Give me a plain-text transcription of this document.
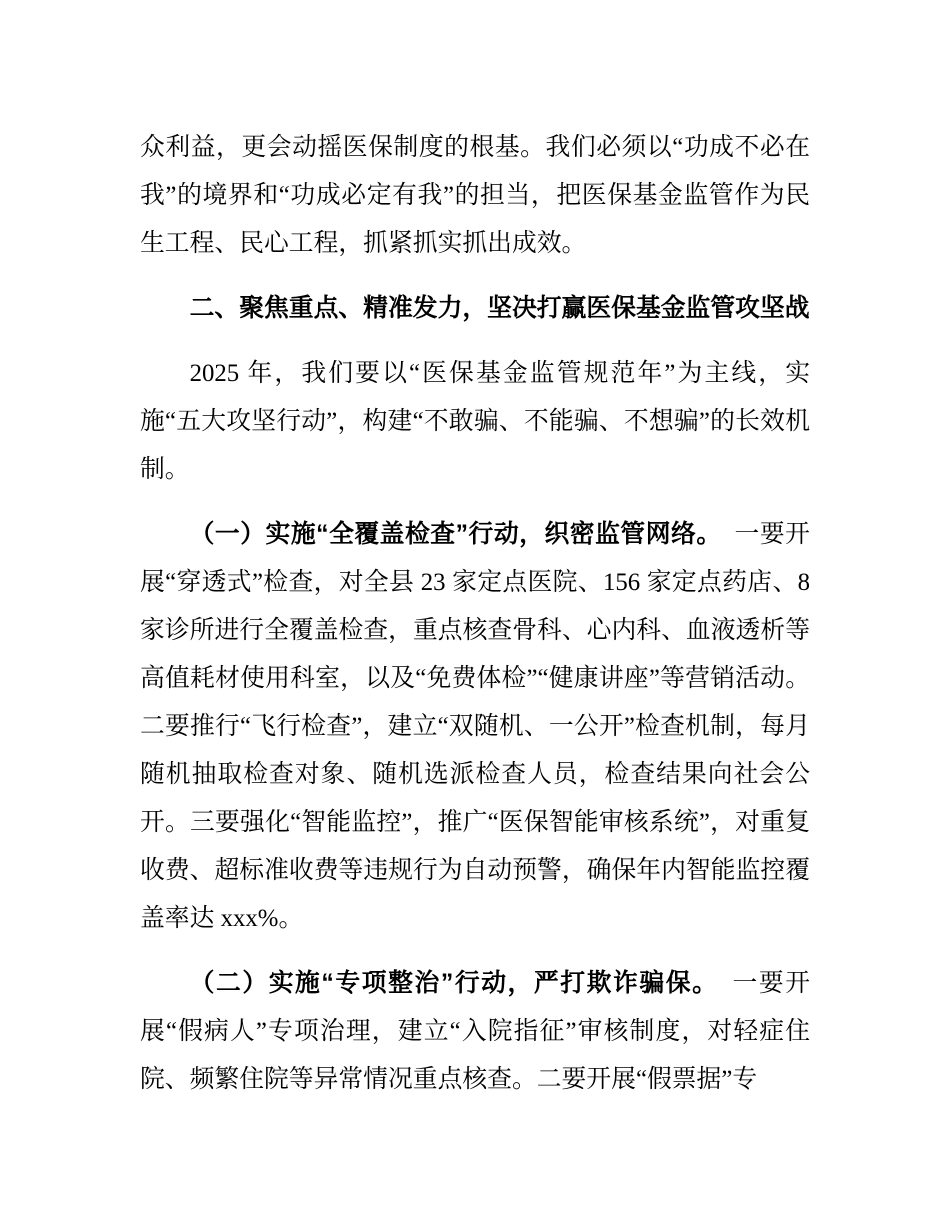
众利益，更会动摇医保制度的根基。我们必须以“功成不必在我”的境界和“功成必定有我”的担当，把医保基金监管作为民生工程、民心工程，抓紧抓实抓出成效。

二、聚焦重点、精准发力，坚决打赢医保基金监管攻坚战

2025 年，我们要以“医保基金监管规范年”为主线，实施“五大攻坚行动”，构建“不敢骗、不能骗、不想骗”的长效机制。

（一）实施“全覆盖检查”行动，织密监管网络。　一要开展“穿透式”检查，对全县 23 家定点医院、156 家定点药店、8 家诊所进行全覆盖检查，重点核查骨科、心内科、血液透析等高值耗材使用科室，以及“免费体检”“健康讲座”等营销活动。二要推行“飞行检查”，建立“双随机、一公开”检查机制，每月随机抽取检查对象、随机选派检查人员，检查结果向社会公开。三要强化“智能监控”，推广“医保智能审核系统”，对重复收费、超标准收费等违规行为自动预警，确保年内智能监控覆盖率达 xxx%。

（二）实施“专项整治”行动，严打欺诈骗保。　一要开展“假病人”专项治理，建立“入院指征”审核制度，对轻症住院、频繁住院等异常情况重点核查。二要开展“假票据”专
